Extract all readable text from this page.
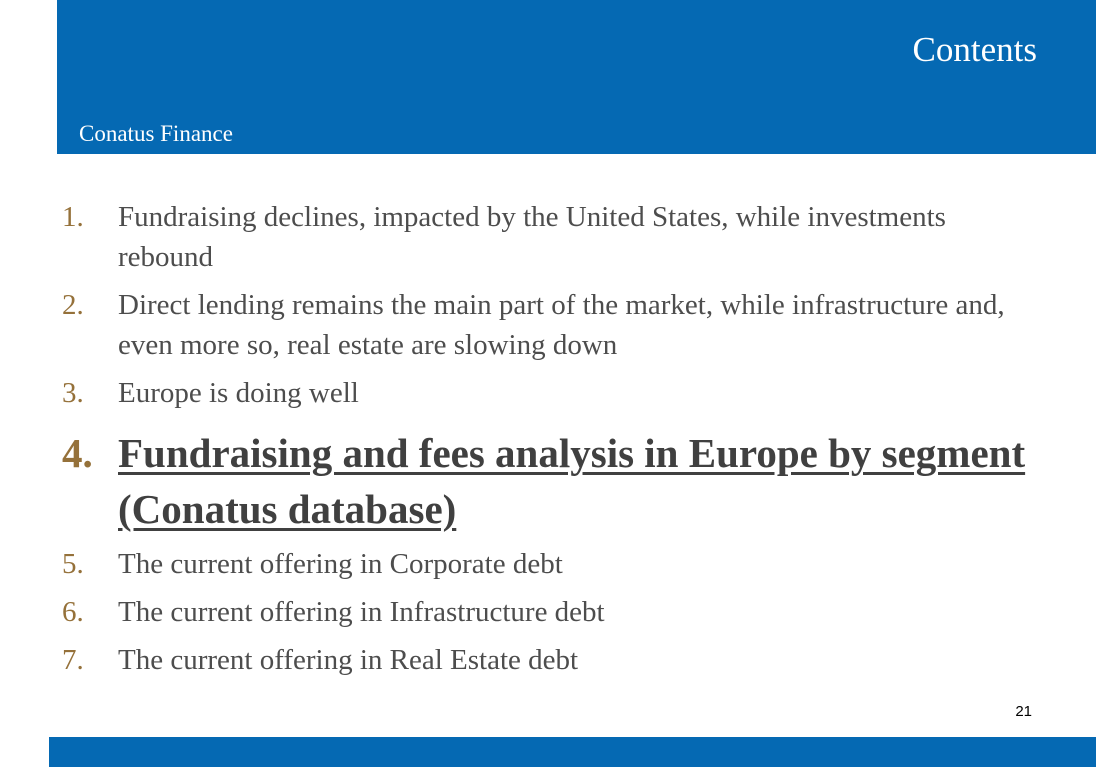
Contents
Conatus Finance
1. Fundraising declines, impacted by the United States, while investments rebound
2. Direct lending remains the main part of the market, while infrastructure and, even more so, real estate are slowing down
3. Europe is doing well
4. Fundraising and fees analysis in Europe by segment (Conatus database)
5. The current offering in Corporate debt
6. The current offering in Infrastructure debt
7. The current offering in Real Estate debt
21
